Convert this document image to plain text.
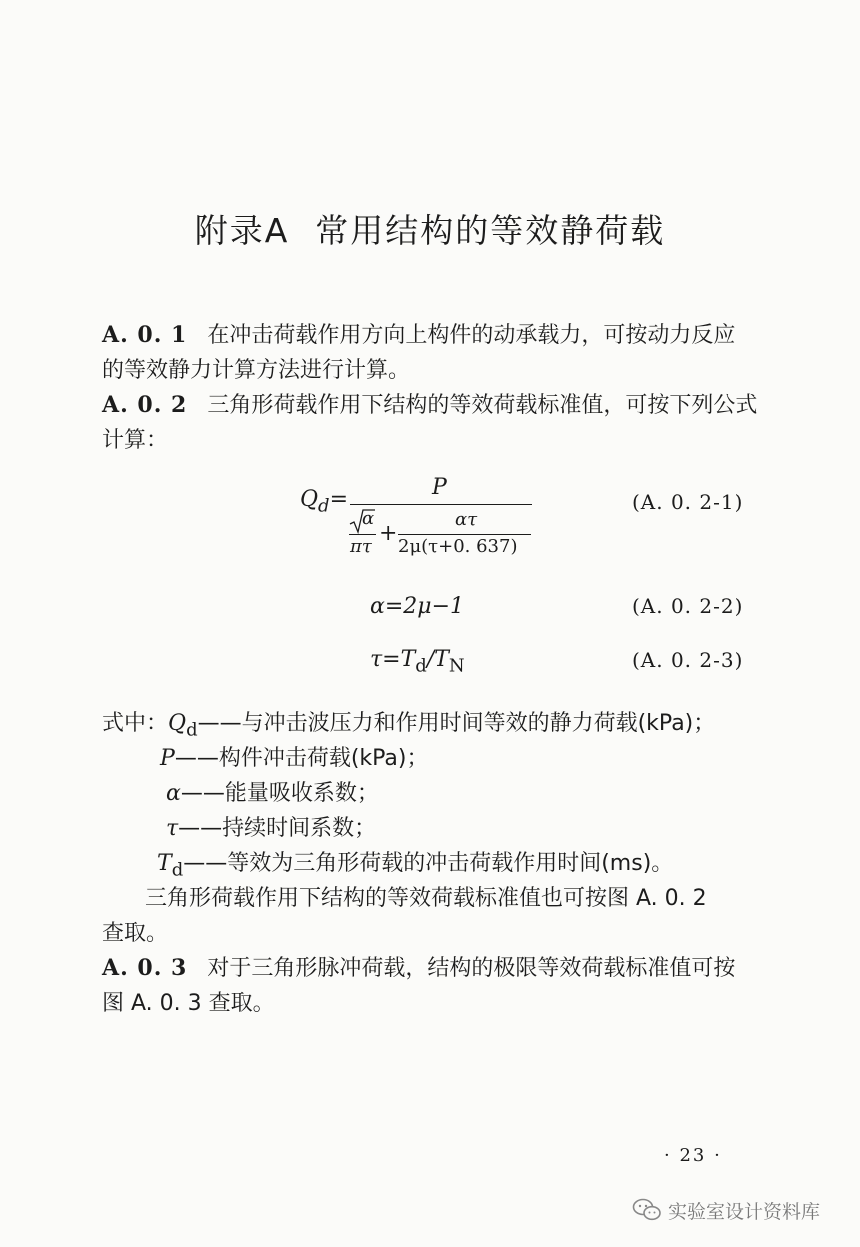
附录A 常用结构的等效静荷载
A. 0. 1 在冲击荷载作用方向上构件的动承载力，可按动力反应
的等效静力计算方法进行计算。
A. 0. 2 三角形荷载作用下结构的等效荷载标准值，可按下列公式
计算：
$Q_d=$	P
α
πτ
+
ατ
2μ(τ+0. 637)
(A. 0. 2-1)
α=2μ−1	(A. 0. 2-2)
$\tau=T_d/T_N$	(A. 0. 2-3)
式中：$Q_d——$与冲击波压力和作用时间等效的静力荷载(kPa)；
P——构件冲击荷载(kPa)；
α——能量吸收系数；
τ——持续时间系数；
$T_d——$等效为三角形荷载的冲击荷载作用时间(ms)。
三角形荷载作用下结构的等效荷载标准值也可按图 A. 0. 2
查取。
A. 0. 3 对于三角形脉冲荷载，结构的极限等效荷载标准值可按
图 A. 0. 3 查取。
· 23 ·
实验室设计资料库
